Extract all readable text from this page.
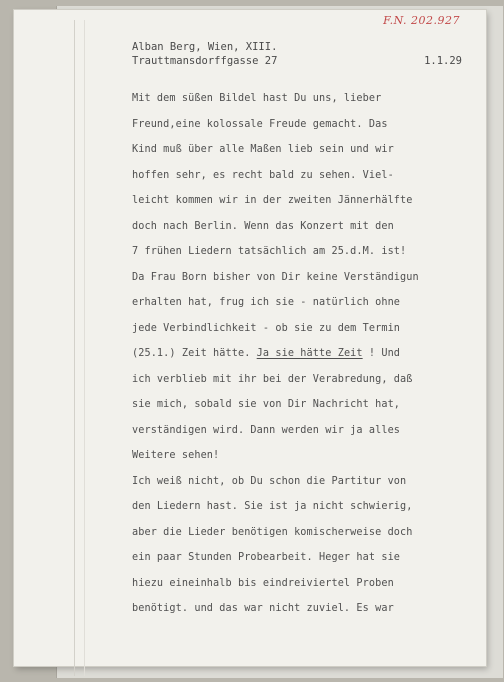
F.N. 202.927
Alban Berg, Wien, XIII.
Trauttmansdorffgasse 27	1.1.29
Mit dem süßen Bildel hast Du uns, lieber
Freund,eine kolossale Freude gemacht. Das
Kind muß über alle Maßen lieb sein und wir
hoffen sehr, es recht bald zu sehen. Viel-
leicht kommen wir in der zweiten Jännerhälfte
doch nach Berlin. Wenn das Konzert mit den
7 frühen Liedern tatsächlich am 25.d.M. ist!
Da Frau Born bisher von Dir keine Verständigun
erhalten hat, frug ich sie - natürlich ohne
jede Verbindlichkeit - ob sie zu dem Termin
(25.1.) Zeit hätte. Ja sie hätte Zeit ! Und
ich verblieb mit ihr bei der Verabredung, daß
sie mich, sobald sie von Dir Nachricht hat,
verständigen wird. Dann werden wir ja alles
Weitere sehen!
Ich weiß nicht, ob Du schon die Partitur von
den Liedern hast. Sie ist ja nicht schwierig,
aber die Lieder benötigen komischerweise doch
ein paar Stunden Probearbeit. Heger hat sie
hiezu eineinhalb bis eindreiviertel Proben
benötigt. und das war nicht zuviel. Es war
